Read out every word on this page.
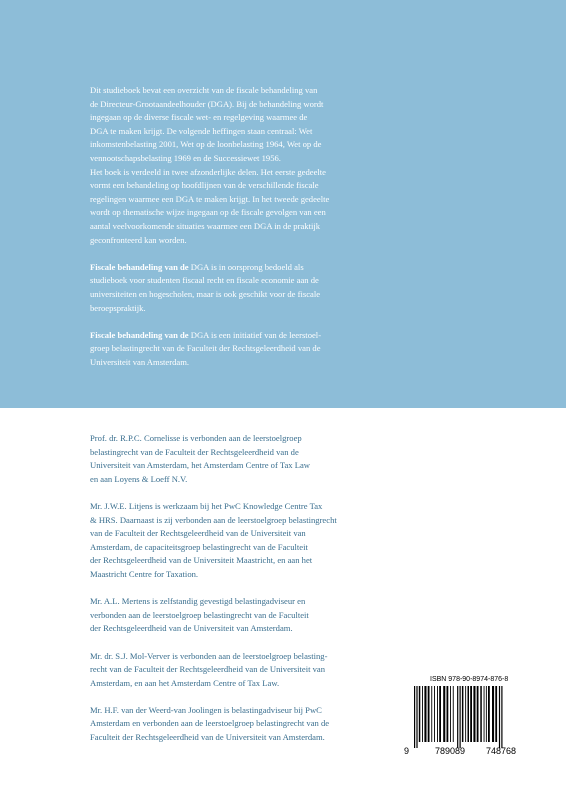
Dit studieboek bevat een overzicht van de fiscale behandeling van
de Directeur-Grootaandeelhouder (DGA). Bij de behandeling wordt
ingegaan op de diverse fiscale wet- en regelgeving waarmee de
DGA te maken krijgt. De volgende heffingen staan centraal: Wet
inkomstenbelasting 2001, Wet op de loonbelasting 1964, Wet op de
vennootschapsbelasting 1969 en de Successiewet 1956.
Het boek is verdeeld in twee afzonderlijke delen. Het eerste gedeelte
vormt een behandeling op hoofdlijnen van de verschillende fiscale
regelingen waarmee een DGA te maken krijgt. In het tweede gedeelte
wordt op thematische wijze ingegaan op de fiscale gevolgen van een
aantal veelvoorkomende situaties waarmee een DGA in de praktijk
geconfronteerd kan worden.

Fiscale behandeling van de DGA is in oorsprong bedoeld als
studieboek voor studenten fiscaal recht en fiscale economie aan de
universiteiten en hogescholen, maar is ook geschikt voor de fiscale
beroepspraktijk.

Fiscale behandeling van de DGA is een initiatief van de leerstoel-
groep belastingrecht van de Faculteit der Rechtsgeleerdheid van de
Universiteit van Amsterdam.

Prof. dr. R.P.C. Cornelisse is verbonden aan de leerstoelgroep
belastingrecht van de Faculteit der Rechtsgeleerdheid van de
Universiteit van Amsterdam, het Amsterdam Centre of Tax Law
en aan Loyens & Loeff N.V.

Mr. J.W.E. Litjens is werkzaam bij het PwC Knowledge Centre Tax
& HRS. Daarnaast is zij verbonden aan de leerstoelgroep belastingrecht
van de Faculteit der Rechtsgeleerdheid van de Universiteit van
Amsterdam, de capaciteitsgroep belastingrecht van de Faculteit
der Rechtsgeleerdheid van de Universiteit Maastricht, en aan het
Maastricht Centre for Taxation.

Mr. A.L. Mertens is zelfstandig gevestigd belastingadviseur en
verbonden aan de leerstoelgroep belastingrecht van de Faculteit
der Rechtsgeleerdheid van de Universiteit van Amsterdam.

Mr. dr. S.J. Mol-Verver is verbonden aan de leerstoelgroep belasting-
recht van de Faculteit der Rechtsgeleerdheid van de Universiteit van
Amsterdam, en aan het Amsterdam Centre of Tax Law.

Mr. H.F. van der Weerd-van Joolingen is belastingadviseur bij PwC
Amsterdam en verbonden aan de leerstoelgroep belastingrecht van de
Faculteit der Rechtsgeleerdheid van de Universiteit van Amsterdam.

ISBN 978-90-8974-876-8
9	789089 748768
